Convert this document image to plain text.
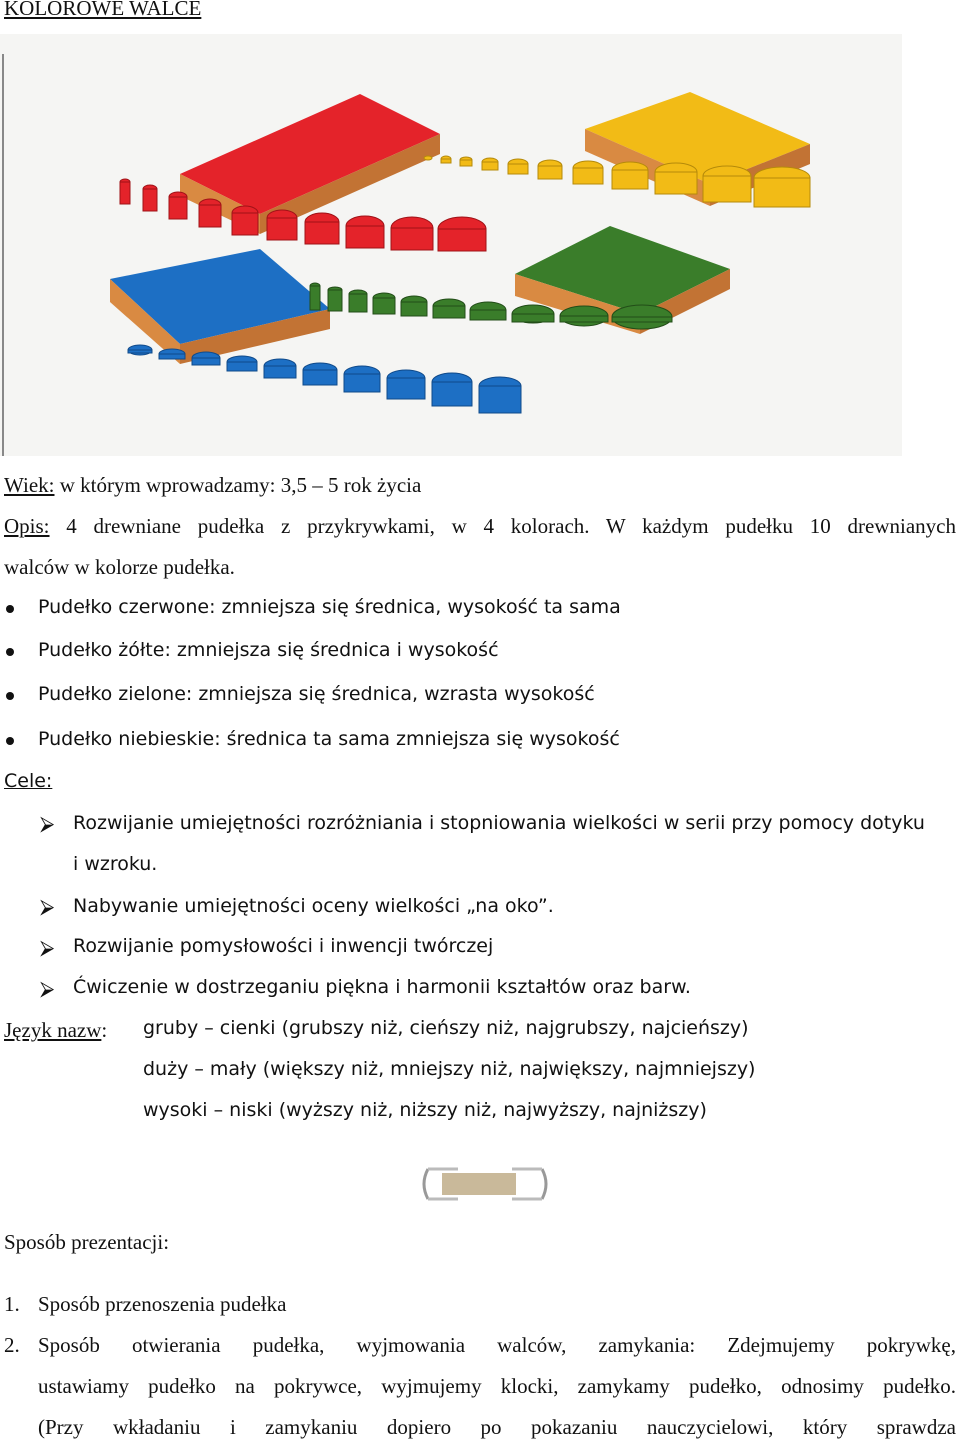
KOLOROWE WALCE
Wiek: w którym wprowadzamy: 3,5 – 5 rok życia
Opis: 4 drewniane pudełka z przykrywkami, w 4 kolorach. W każdym pudełku 10 drewnianych
walców w kolorze pudełka.
Pudełko czerwone: zmniejsza się średnica, wysokość ta sama
Pudełko żółte: zmniejsza się średnica i wysokość
Pudełko zielone: zmniejsza się średnica, wzrasta wysokość
Pudełko niebieskie: średnica ta sama zmniejsza się wysokość
Cele:
⮚ Rozwijanie umiejętności rozróżniania i stopniowania wielkości w serii przy pomocy dotyku
i wzroku.
⮚ Nabywanie umiejętności oceny wielkości „na oko”.
⮚ Rozwijanie pomysłowości i inwencji twórczej
⮚ Ćwiczenie w dostrzeganiu piękna i harmonii kształtów oraz barw.
Język nazw: gruby – cienki (grubszy niż, cieńszy niż, najgrubszy, najcieńszy)
duży – mały (większy niż, mniejszy niż, największy, najmniejszy)
wysoki – niski (wyższy niż, niższy niż, najwyższy, najniższy)
Sposób prezentacji:
1. Sposób przenoszenia pudełka
2. Sposób otwierania pudełka, wyjmowania walców, zamykania: Zdejmujemy pokrywkę,
ustawiamy pudełko na pokrywce, wyjmujemy klocki, zamykamy pudełko, odnosimy pudełko.
(Przy wkładaniu i zamykaniu dopiero po pokazaniu nauczycielowi, który sprawdza
